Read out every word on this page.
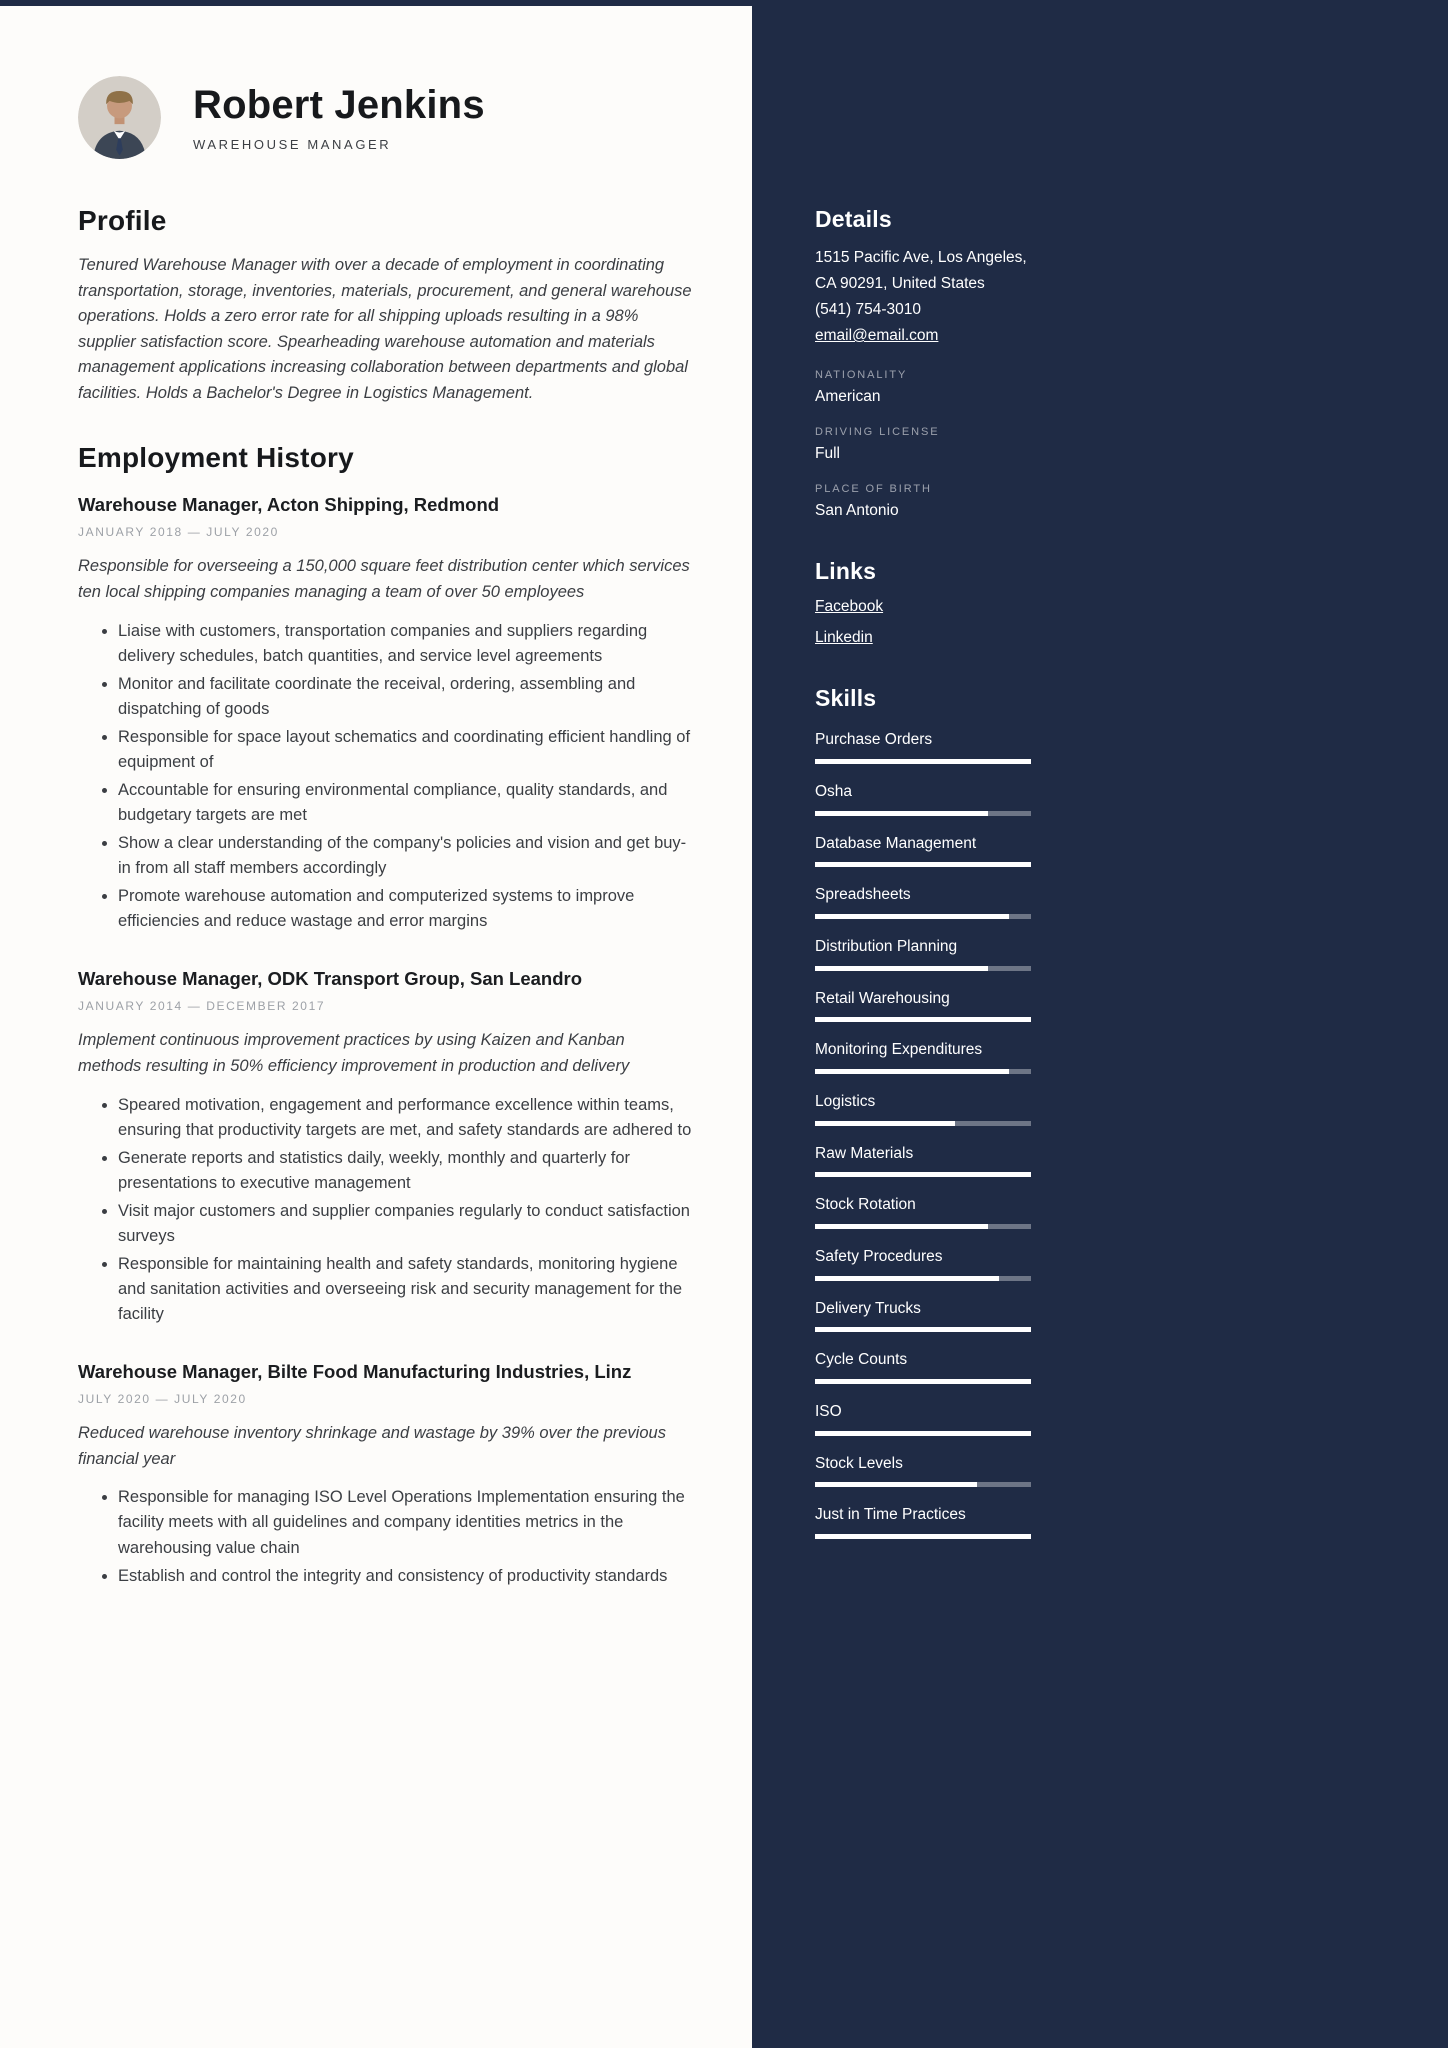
Robert Jenkins
WAREHOUSE MANAGER
Profile

Tenured Warehouse Manager with over a decade of employment in coordinating transportation, storage, inventories, materials, procurement, and general warehouse operations. Holds a zero error rate for all shipping uploads resulting in a 98% supplier satisfaction score. Spearheading warehouse automation and materials management applications increasing collaboration between departments and global facilities. Holds a Bachelor's Degree in Logistics Management.

Employment History
Warehouse Manager, Acton Shipping, Redmond
JANUARY 2018 — JULY 2020

Responsible for overseeing a 150,000 square feet distribution center which services ten local shipping companies managing a team of over 50 employees

• Liaise with customers, transportation companies and suppliers regarding delivery schedules, batch quantities, and service level agreements
• Monitor and facilitate coordinate the receival, ordering, assembling and dispatching of goods
• Responsible for space layout schematics and coordinating efficient handling of equipment of
• Accountable for ensuring environmental compliance, quality standards, and budgetary targets are met
• Show a clear understanding of the company's policies and vision and get buy-in from all staff members accordingly
• Promote warehouse automation and computerized systems to improve efficiencies and reduce wastage and error margins
Warehouse Manager, ODK Transport Group, San Leandro
JANUARY 2014 — DECEMBER 2017

Implement continuous improvement practices by using Kaizen and Kanban methods resulting in 50% efficiency improvement in production and delivery

• Speared motivation, engagement and performance excellence within teams, ensuring that productivity targets are met, and safety standards are adhered to
• Generate reports and statistics daily, weekly, monthly and quarterly for presentations to executive management
• Visit major customers and supplier companies regularly to conduct satisfaction surveys
• Responsible for maintaining health and safety standards, monitoring hygiene and sanitation activities and overseeing risk and security management for the facility
Warehouse Manager, Bilte Food Manufacturing Industries, Linz
JULY 2020 — JULY 2020

Reduced warehouse inventory shrinkage and wastage by 39% over the previous financial year

• Responsible for managing ISO Level Operations Implementation ensuring the facility meets with all guidelines and company identities metrics in the warehousing value chain
• Establish and control the integrity and consistency of productivity standards
Details
1515 Pacific Ave, Los Angeles, CA 90291, United States
(541) 754-3010
email@email.com
NATIONALITY
American
DRIVING LICENSE
Full
PLACE OF BIRTH
San Antonio
Links
Facebook
Linkedin
Skills
Purchase Orders
Osha
Database Management
Spreadsheets
Distribution Planning
Retail Warehousing
Monitoring Expenditures
Logistics
Raw Materials
Stock Rotation
Safety Procedures
Delivery Trucks
Cycle Counts
ISO
Stock Levels
Just in Time Practices
